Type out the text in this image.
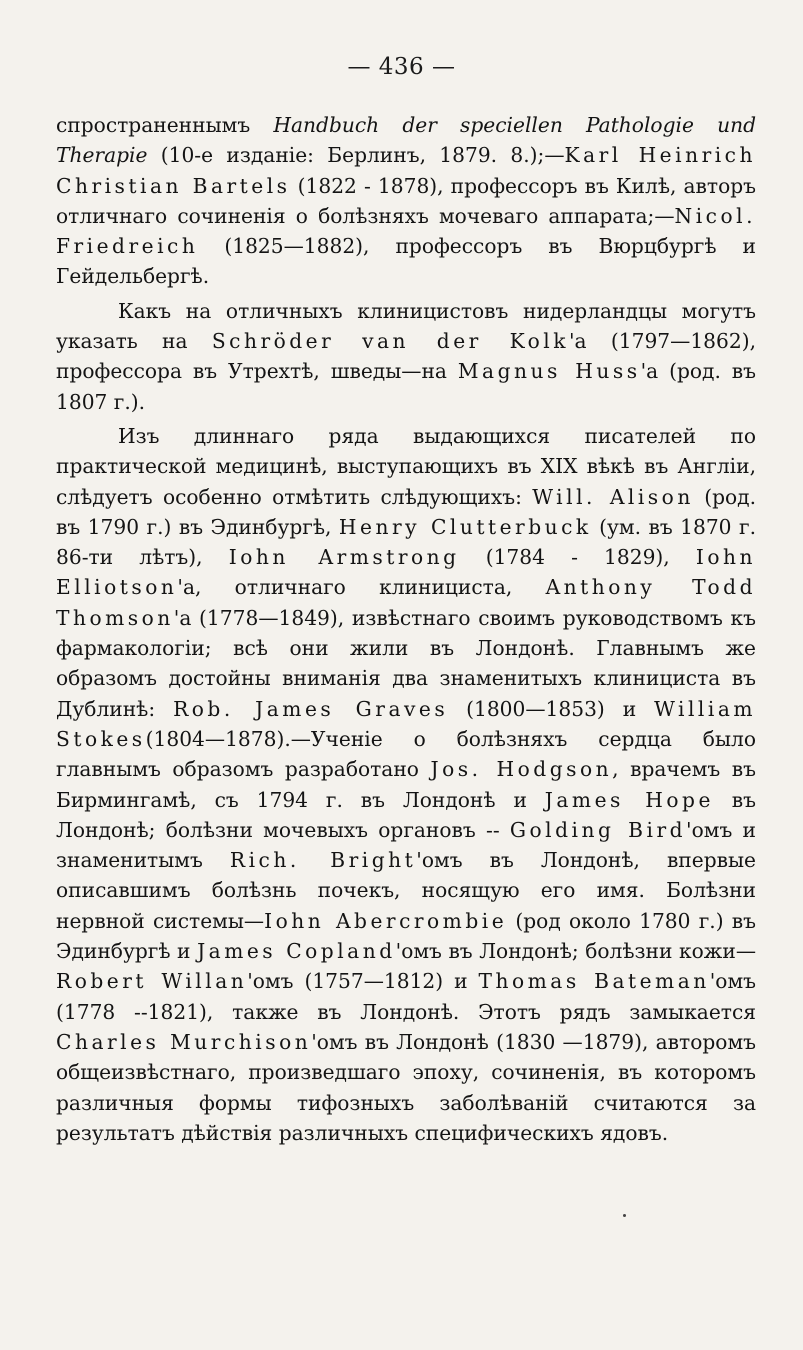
— 436 —

спространеннымъ Handbuch der speciellen Pathologie und Therapie (10-е изданіе: Берлинъ, 1879. 8.);—Karl Heinrich Christian Bartels (1822 - 1878), профессоръ въ Килѣ, авторъ отличнаго сочиненія о болѣзняхъ мочеваго аппарата;—Nicol. Friedreich (1825—1882), профессоръ въ Вюрцбургѣ и Гейдельбергѣ.

Какъ на отличныхъ клиницистовъ нидерландцы могутъ указать на Schröder van der Kolk'a (1797—1862), профессора въ Утрехтѣ, шведы—на Magnus Huss'a (род. въ 1807 г.).

Изъ длиннаго ряда выдающихся писателей по практической медицинѣ, выступающихъ въ XIX вѣкѣ въ Англіи, слѣдуетъ особенно отмѣтить слѣдующихъ: Will. Alison (род. въ 1790 г.) въ Эдинбургѣ, Henry Clutterbuck (ум. въ 1870 г. 86-ти лѣтъ), Iohn Armstrong (1784 - 1829), Iohn Elliotson'a, отличнаго клинициста, Anthony Todd Thomson'a (1778—1849), извѣстнаго своимъ руководствомъ къ фармакологіи; всѣ они жили въ Лондонѣ. Главнымъ же образомъ достойны вниманія два знаменитыхъ клинициста въ Дублинѣ: Rob. James Graves (1800—1853) и William Stokes(1804—1878).—Ученіе о болѣзняхъ сердца было главнымъ образомъ разработано Jos. Hodgson, врачемъ въ Бирмингамѣ, съ 1794 г. въ Лондонѣ и James Hope въ Лондонѣ; болѣзни мочевыхъ органовъ -- Golding Bird'омъ и знаменитымъ Rich. Bright'омъ въ Лондонѣ, впервые описавшимъ болѣзнь почекъ, носящую его имя. Болѣзни нервной системы—Iohn Abercrombie (род около 1780 г.) въ Эдинбургѣ и James Copland'омъ въ Лондонѣ; болѣзни кожи—Robert Willan'омъ (1757—1812) и Thomas Bateman'омъ (1778 --1821), также въ Лондонѣ. Этотъ рядъ замыкается Charles Murchison'омъ въ Лондонѣ (1830 —1879), авторомъ общеизвѣстнаго, произведшаго эпоху, сочиненія, въ которомъ различныя формы тифозныхъ заболѣваній считаются за результатъ дѣйствія различныхъ специфическихъ ядовъ.
